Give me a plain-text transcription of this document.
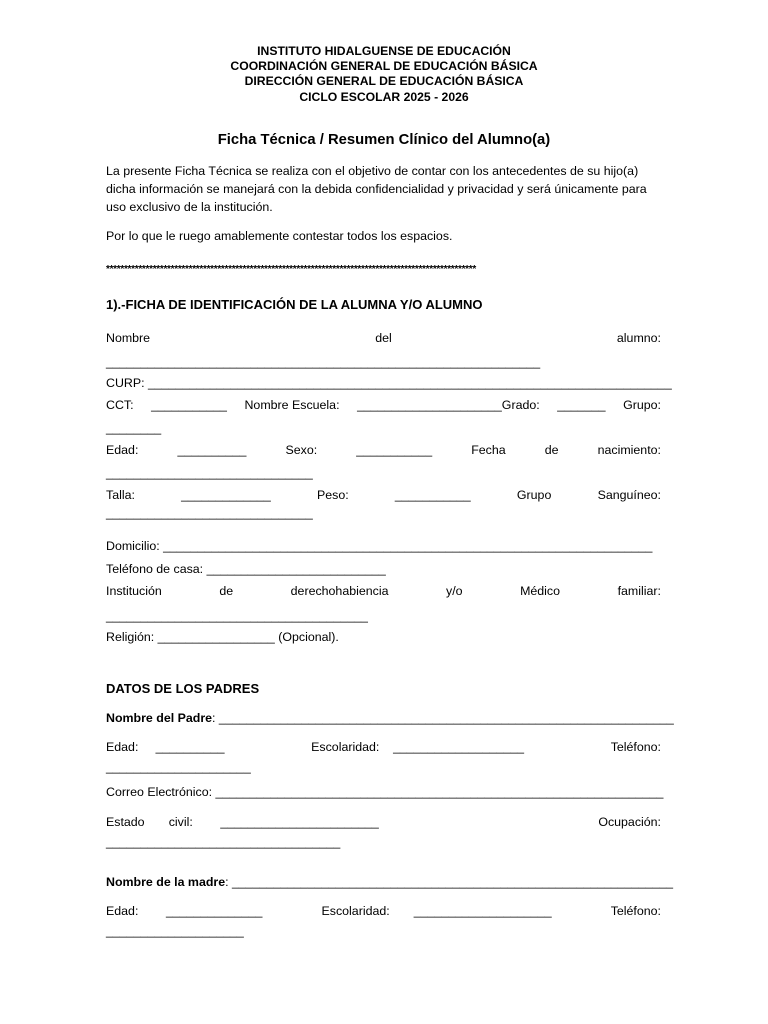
INSTITUTO HIDALGUENSE DE EDUCACIÓN
COORDINACIÓN GENERAL DE EDUCACIÓN BÁSICA
DIRECCIÓN GENERAL DE EDUCACIÓN BÁSICA
CICLO ESCOLAR 2025 - 2026
Ficha Técnica / Resumen Clínico del Alumno(a)
La presente Ficha Técnica se realiza con el objetivo de contar con los antecedentes de su hijo(a)
dicha información se manejará con la debida confidencialidad y privacidad y será únicamente para
uso exclusivo de la institución.
Por lo que le ruego amablemente contestar todos los espacios.
*******************************************************************************************************
1).-FICHA DE IDENTIFICACIÓN DE LA ALUMNA Y/O ALUMNO
Nombre	del	alumno:
_______________________________________________________________
CURP: ____________________________________________________________________________
CCT: ___________ Nombre Escuela: _____________________Grado: _______ Grupo:
________
Edad:	__________	Sexo:	___________	Fecha	de	nacimiento:
______________________________
Talla:	_____________	Peso:	___________	Grupo	Sanguíneo:
______________________________
Domicilio: _______________________________________________________________________
Teléfono de casa: __________________________
Institución	de	derechohabiencia	y/o	Médico	familiar:
______________________________________
Religión: _________________ (Opcional).
DATOS DE LOS PADRES
Nombre del Padre: __________________________________________________________________
Edad: __________	Escolaridad: ___________________	Teléfono:
_____________________
Correo Electrónico: _________________________________________________________________
Estado civil: _______________________	Ocupación:
__________________________________
Nombre de la madre: ________________________________________________________________
Edad: ______________	Escolaridad: ____________________	Teléfono:
____________________
